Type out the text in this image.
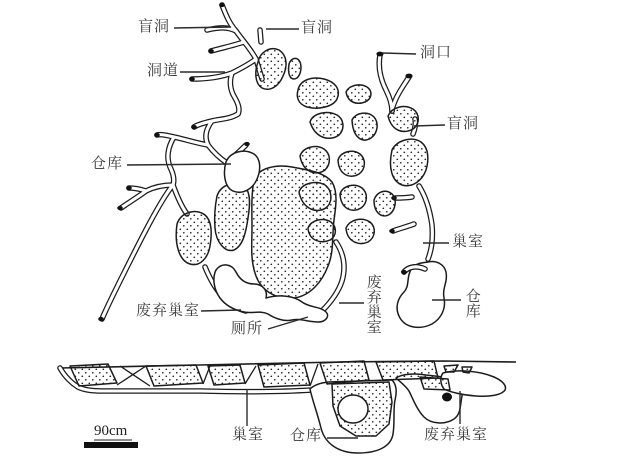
盲洞	盲洞
洞口
洞道
盲洞
仓库
巢室
仓库
废弃巢室
废弃巢室
厕所
巢室 仓库	废弃巢室
90cm
